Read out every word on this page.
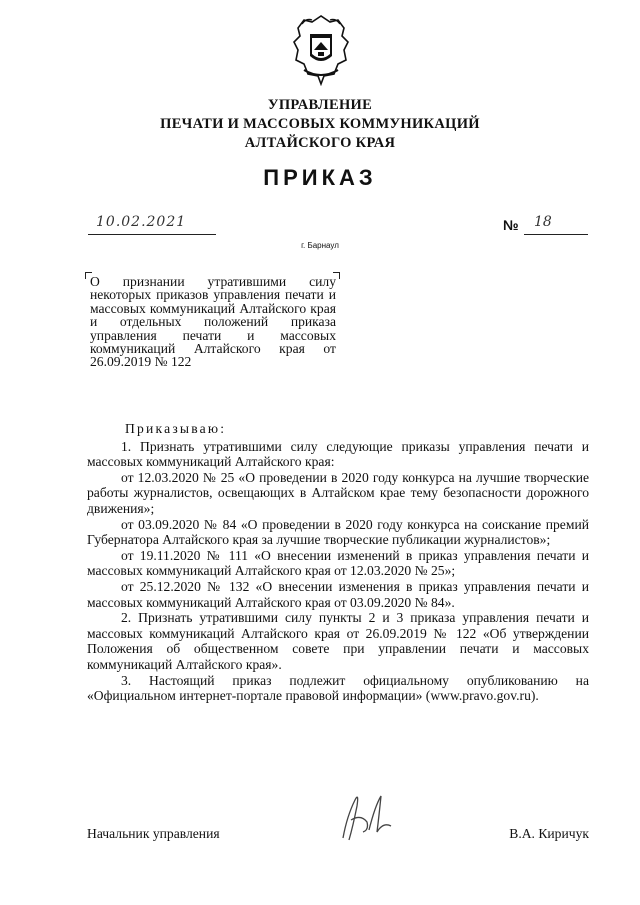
УПРАВЛЕНИЕ
ПЕЧАТИ И МАССОВЫХ КОММУНИКАЦИЙ
АЛТАЙСКОГО КРАЯ
ПРИКАЗ
10.02.2021	№ 18
г. Барнаул

О признании утратившими силу некоторых приказов управления печати и массовых коммуникаций Алтайского края и отдельных положений приказа управления печати и массовых коммуникаций Алтайского края от 26.09.2019 № 122

Приказываю:

1. Признать утратившими силу следующие приказы управления печати и массовых коммуникаций Алтайского края:

от 12.03.2020 № 25 «О проведении в 2020 году конкурса на лучшие творческие работы журналистов, освещающих в Алтайском крае тему безопасности дорожного движения»;

от 03.09.2020 № 84 «О проведении в 2020 году конкурса на соискание премий Губернатора Алтайского края за лучшие творческие публикации журналистов»;

от 19.11.2020 № 111 «О внесении изменений в приказ управления печати и массовых коммуникаций Алтайского края от 12.03.2020 № 25»;

от 25.12.2020 № 132 «О внесении изменения в приказ управления печати и массовых коммуникаций Алтайского края от 03.09.2020 № 84».

2. Признать утратившими силу пункты 2 и 3 приказа управления печати и массовых коммуникаций Алтайского края от 26.09.2019 № 122 «Об утверждении Положения об общественном совете при управлении печати и массовых коммуникаций Алтайского края».

3. Настоящий приказ подлежит официальному опубликованию на «Официальном интернет-портале правовой информации» (www.pravo.gov.ru).

Начальник управления	В.А. Киричук
